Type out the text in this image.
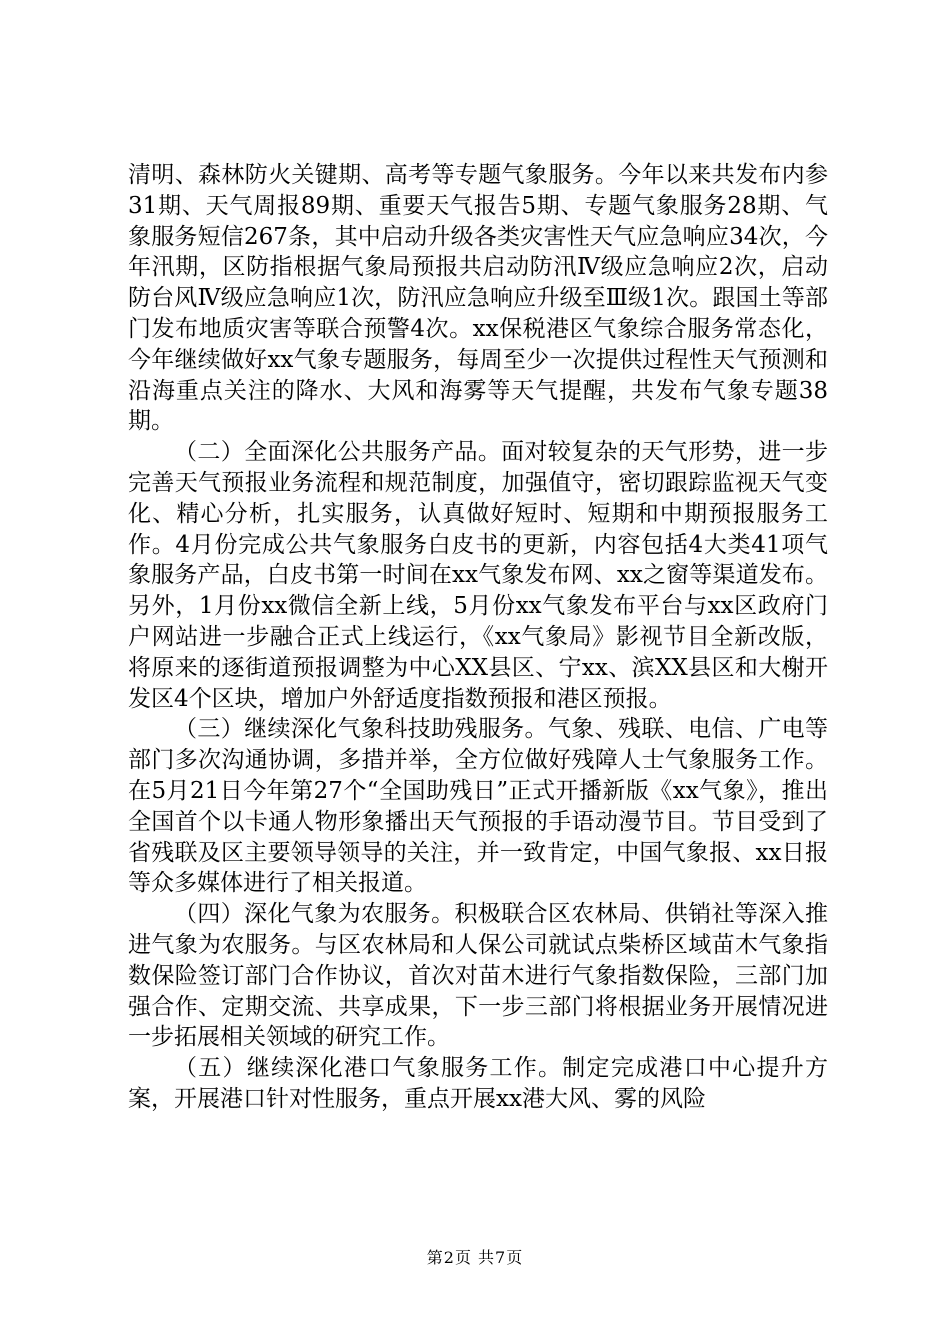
清明、森林防火关键期、高考等专题气象服务。今年以来共发布内参31期、天气周报89期、重要天气报告5期、专题气象服务28期、气象服务短信267条，其中启动升级各类灾害性天气应急响应34次，今年汛期，区防指根据气象局预报共启动防汛Ⅳ级应急响应2次，启动防台风Ⅳ级应急响应1次，防汛应急响应升级至Ⅲ级1次。跟国土等部门发布地质灾害等联合预警4次。xx保税港区气象综合服务常态化，今年继续做好xx气象专题服务，每周至少一次提供过程性天气预测和沿海重点关注的降水、大风和海雾等天气提醒，共发布气象专题38期。

（二）全面深化公共服务产品。面对较复杂的天气形势，进一步完善天气预报业务流程和规范制度，加强值守，密切跟踪监视天气变化、精心分析，扎实服务，认真做好短时、短期和中期预报服务工作。4月份完成公共气象服务白皮书的更新，内容包括4大类41项气象服务产品，白皮书第一时间在xx气象发布网、xx之窗等渠道发布。另外，1月份xx微信全新上线，5月份xx气象发布平台与xx区政府门户网站进一步融合正式上线运行，《xx气象局》影视节目全新改版，将原来的逐街道预报调整为中心XX县区、宁xx、滨XX县区和大榭开发区4个区块，增加户外舒适度指数预报和港区预报。

（三）继续深化气象科技助残服务。气象、残联、电信、广电等部门多次沟通协调，多措并举，全方位做好残障人士气象服务工作。在5月21日今年第27个“全国助残日”正式开播新版《xx气象》，推出全国首个以卡通人物形象播出天气预报的手语动漫节目。节目受到了省残联及区主要领导领导的关注，并一致肯定，中国气象报、xx日报等众多媒体进行了相关报道。

（四）深化气象为农服务。积极联合区农林局、供销社等深入推进气象为农服务。与区农林局和人保公司就试点柴桥区域苗木气象指数保险签订部门合作协议，首次对苗木进行气象指数保险，三部门加强合作、定期交流、共享成果，下一步三部门将根据业务开展情况进一步拓展相关领域的研究工作。

（五）继续深化港口气象服务工作。制定完成港口中心提升方案，开展港口针对性服务，重点开展xx港大风、雾的风险

第2页 共7页
